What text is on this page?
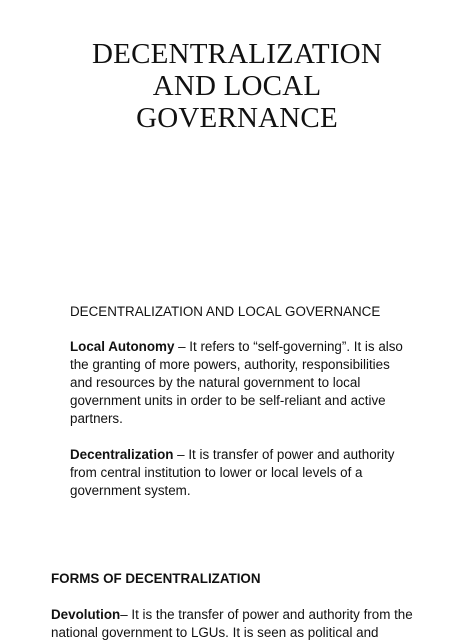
DECENTRALIZATION
AND LOCAL
GOVERNANCE

DECENTRALIZATION AND LOCAL GOVERNANCE

Local Autonomy – It refers to “self-governing”. It is also the granting of more powers, authority, responsibilities and resources by the natural government to local government units in order to be self-reliant and active partners.

Decentralization – It is transfer of power and authority from central institution to lower or local levels of a government system.

FORMS OF DECENTRALIZATION

Devolution– It is the transfer of power and authority from the national government to LGUs. It is seen as political and
